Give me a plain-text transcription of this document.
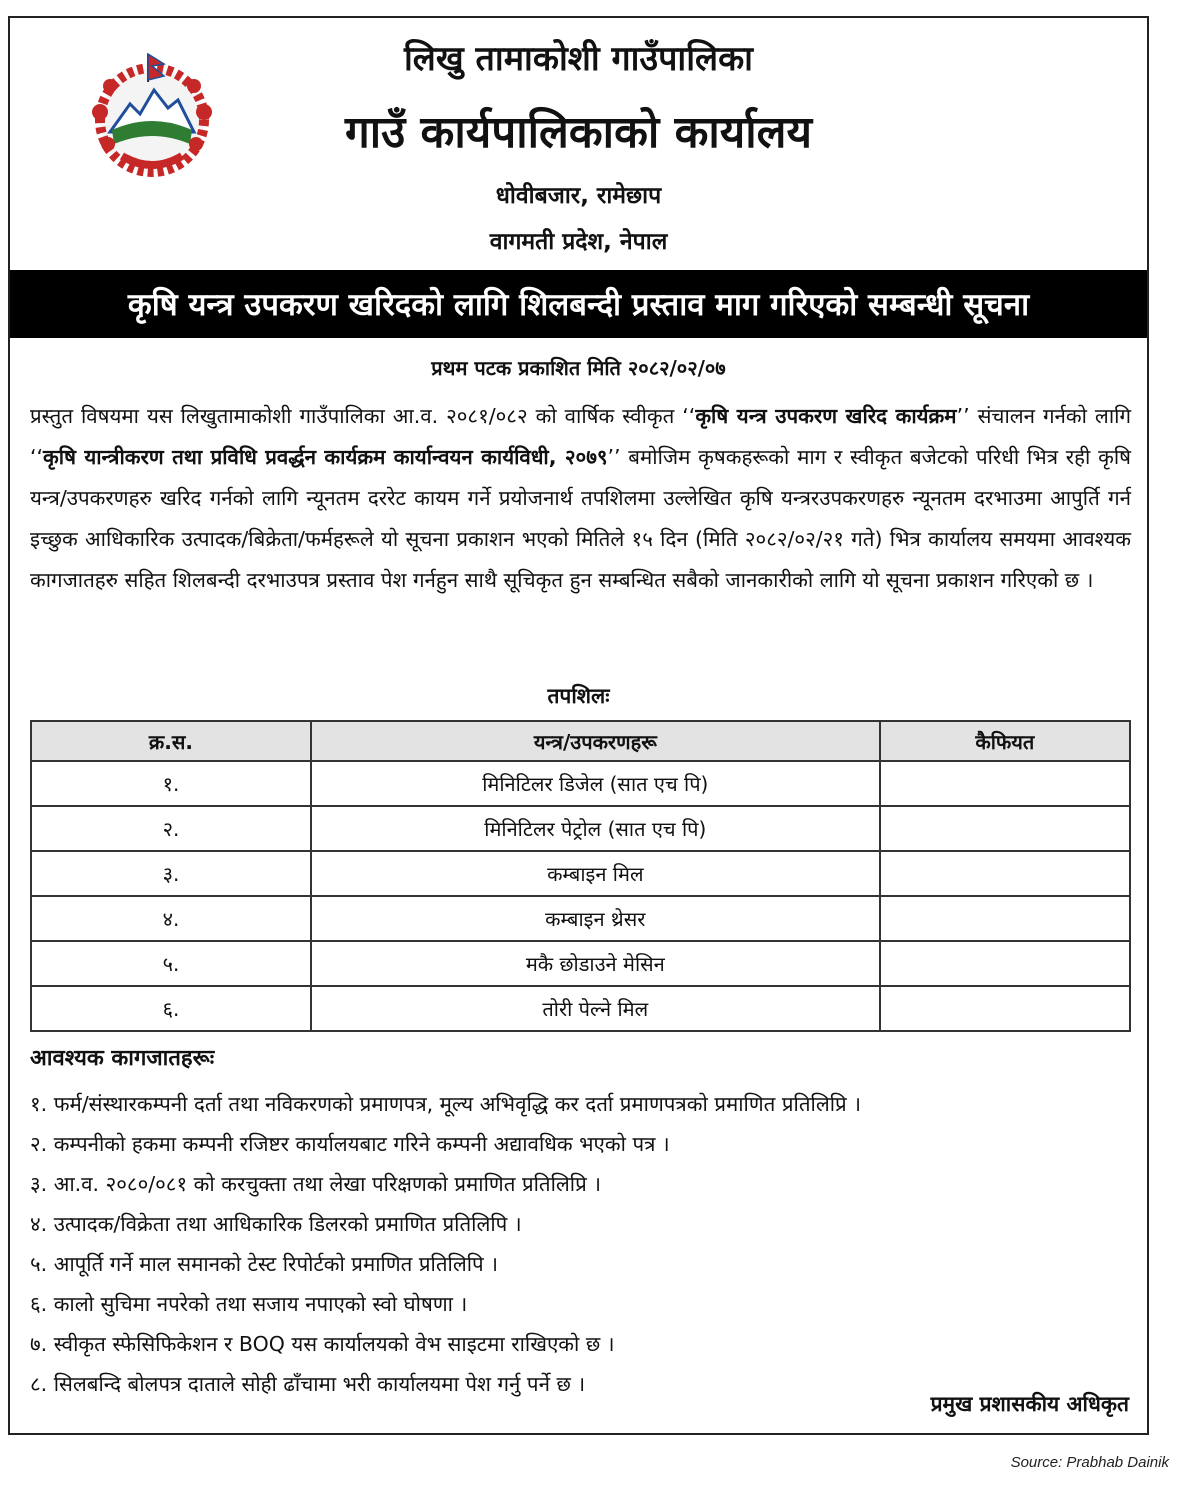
लिखु तामाकोशी गाउँपालिका
गाउँ कार्यपालिकाको कार्यालय
धोवीबजार, रामेछाप
वागमती प्रदेश, नेपाल
कृषि यन्त्र उपकरण खरिदको लागि शिलबन्दी प्रस्ताव माग गरिएको सम्बन्धी सूचना
प्रथम पटक प्रकाशित मिति २०८२/०२/०७

प्रस्तुत विषयमा यस लिखुतामाकोशी गाउँपालिका आ.व. २०८१/०८२ को वार्षिक स्वीकृत ‘‘कृषि यन्त्र उपकरण खरिद कार्यक्रम’’ संचालन गर्नको लागि ‘‘कृषि यान्त्रीकरण तथा प्रविधि प्रवर्द्धन कार्यक्रम कार्यान्वयन कार्यविधी, २०७९’’ बमोजिम कृषकहरूको माग र स्वीकृत बजेटको परिधी भित्र रही कृषि यन्त्र/उपकरणहरु खरिद गर्नको लागि न्यूनतम दररेट कायम गर्ने प्रयोजनार्थ तपशिलमा उल्लेखित कृषि यन्त्ररउपकरणहरु न्यूनतम दरभाउमा आपुर्ति गर्न इच्छुक आधिकारिक उत्पादक/बिक्रेता/फर्महरूले यो सूचना प्रकाशन भएको मितिले १५ दिन (मिति २०८२/०२/२१ गते) भित्र कार्यालय समयमा आवश्यक कागजातहरु सहित शिलबन्दी दरभाउपत्र प्रस्ताव पेश गर्नहुन साथै सूचिकृत हुन सम्बन्धित सबैको जानकारीको लागि यो सूचना प्रकाशन गरिएको छ ।

तपशिलः
क्र.स.	यन्त्र/उपकरणहरू	कैफियत
१.	मिनिटिलर डिजेल (सात एच पि)	
२.	मिनिटिलर पेट्रोल (सात एच पि)	
३.	कम्बाइन मिल	
४.	कम्बाइन थ्रेसर	
५.	मकै छोडाउने मेसिन	
६.	तोरी पेल्ने मिल	
आवश्यक कागजातहरूः
१. फर्म/संस्थारकम्पनी दर्ता तथा नविकरणको प्रमाणपत्र, मूल्य अभिवृद्धि कर दर्ता प्रमाणपत्रको प्रमाणित प्रतिलिप्रि ।
२. कम्पनीको हकमा कम्पनी रजिष्टर कार्यालयबाट गरिने कम्पनी अद्यावधिक भएको पत्र ।
३. आ.व. २०८०/०८१ को करचुक्ता तथा लेखा परिक्षणको प्रमाणित प्रतिलिप्रि ।
४. उत्पादक/विक्रेता तथा आधिकारिक डिलरको प्रमाणित प्रतिलिपि ।
५. आपूर्ति गर्ने माल समानको टेस्ट रिपोर्टको प्रमाणित प्रतिलिपि ।
६. कालो सुचिमा नपरेको तथा सजाय नपाएको स्वो घोषणा ।
७. स्वीकृत स्फेसिफिकेशन र BOQ यस कार्यालयको वेभ साइटमा राखिएको छ ।
८. सिलबन्दि बोलपत्र दाताले सोही ढाँचामा भरी कार्यालयमा पेश गर्नु पर्ने छ ।
प्रमुख प्रशासकीय अधिकृत
Source: Prabhab Dainik
